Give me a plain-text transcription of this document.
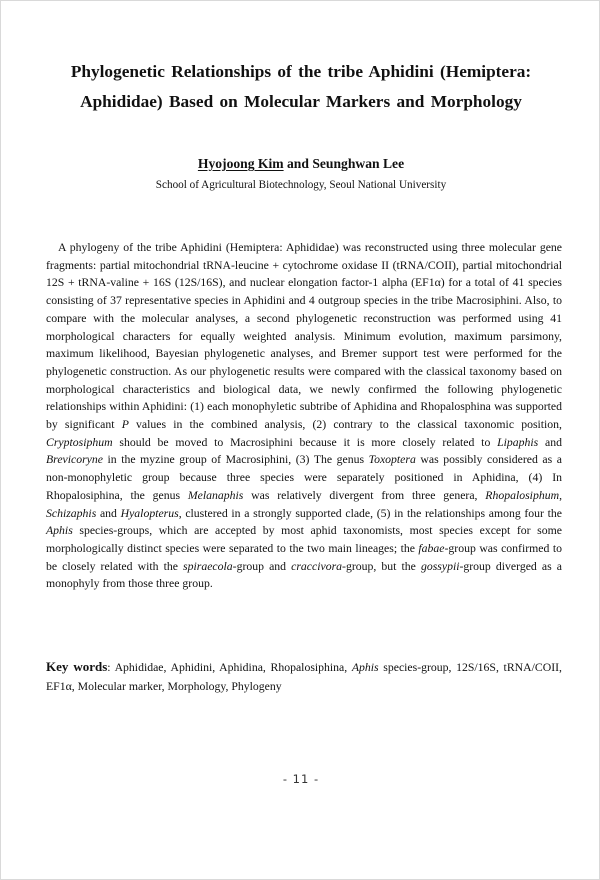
Phylogenetic Relationships of the tribe Aphidini (Hemiptera: Aphididae) Based on Molecular Markers and Morphology
Hyojoong Kim and Seunghwan Lee
School of Agricultural Biotechnology, Seoul National University

A phylogeny of the tribe Aphidini (Hemiptera: Aphididae) was reconstructed using three molecular gene fragments: partial mitochondrial tRNA-leucine + cytochrome oxidase II (tRNA/COII), partial mitochondrial 12S + tRNA-valine + 16S (12S/16S), and nuclear elongation factor-1 alpha (EF1α) for a total of 41 species consisting of 37 representative species in Aphidini and 4 outgroup species in the tribe Macrosiphini. Also, to compare with the molecular analyses, a second phylogenetic reconstruction was performed using 41 morphological characters for equally weighted analysis. Minimum evolution, maximum parsimony, maximum likelihood, Bayesian phylogenetic analyses, and Bremer support test were performed for the phylogenetic construction. As our phylogenetic results were compared with the classical taxonomy based on morphological characteristics and biological data, we newly confirmed the following phylogenetic relationships within Aphidini: (1) each monophyletic subtribe of Aphidina and Rhopalosphina was supported by significant P values in the combined analysis, (2) contrary to the classical taxonomic position, Cryptosiphum should be moved to Macrosiphini because it is more closely related to Lipaphis and Brevicoryne in the myzine group of Macrosiphini, (3) The genus Toxoptera was possibly considered as a non-monophyletic group because three species were separately positioned in Aphidina, (4) In Rhopalosiphina, the genus Melanaphis was relatively divergent from three genera, Rhopalosiphum, Schizaphis and Hyalopterus, clustered in a strongly supported clade, (5) in the relationships among four the Aphis species-groups, which are accepted by most aphid taxonomists, most species except for some morphologically distinct species were separated to the two main lineages; the fabae-group was confirmed to be closely related with the spiraecola-group and craccivora-group, but the gossypii-group diverged as a monophyly from those three group.

Key words: Aphididae, Aphidini, Aphidina, Rhopalosiphina, Aphis species-group, 12S/16S, tRNA/COII, EF1α, Molecular marker, Morphology, Phylogeny

- 11 -
